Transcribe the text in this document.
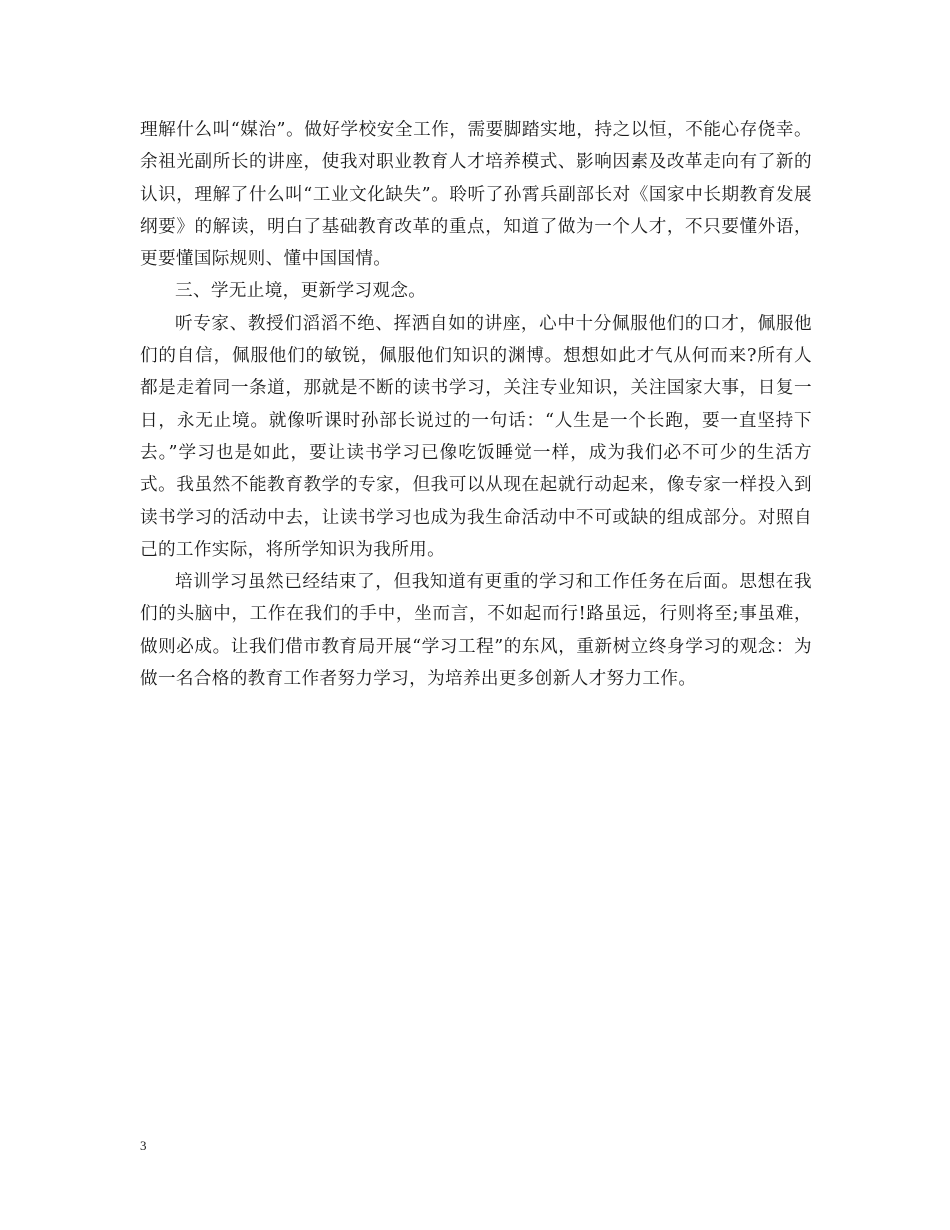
理解什么叫“媒治”。做好学校安全工作，需要脚踏实地，持之以恒，不能心存侥幸。余祖光副所长的讲座，使我对职业教育人才培养模式、影响因素及改革走向有了新的认识，理解了什么叫“工业文化缺失”。聆听了孙霄兵副部长对《国家中长期教育发展纲要》的解读，明白了基础教育改革的重点，知道了做为一个人才，不只要懂外语，更要懂国际规则、懂中国国情。

三、学无止境，更新学习观念。

听专家、教授们滔滔不绝、挥洒自如的讲座，心中十分佩服他们的口才，佩服他们的自信，佩服他们的敏锐，佩服他们知识的渊博。想想如此才气从何而来?所有人都是走着同一条道，那就是不断的读书学习，关注专业知识，关注国家大事，日复一日，永无止境。就像听课时孙部长说过的一句话：“人生是一个长跑，要一直坚持下去。”学习也是如此，要让读书学习已像吃饭睡觉一样，成为我们必不可少的生活方式。我虽然不能教育教学的专家，但我可以从现在起就行动起来，像专家一样投入到读书学习的活动中去，让读书学习也成为我生命活动中不可或缺的组成部分。对照自己的工作实际，将所学知识为我所用。

培训学习虽然已经结束了，但我知道有更重的学习和工作任务在后面。思想在我们的头脑中，工作在我们的手中，坐而言，不如起而行!路虽远，行则将至;事虽难，做则必成。让我们借市教育局开展“学习工程”的东风，重新树立终身学习的观念：为做一名合格的教育工作者努力学习，为培养出更多创新人才努力工作。

3
